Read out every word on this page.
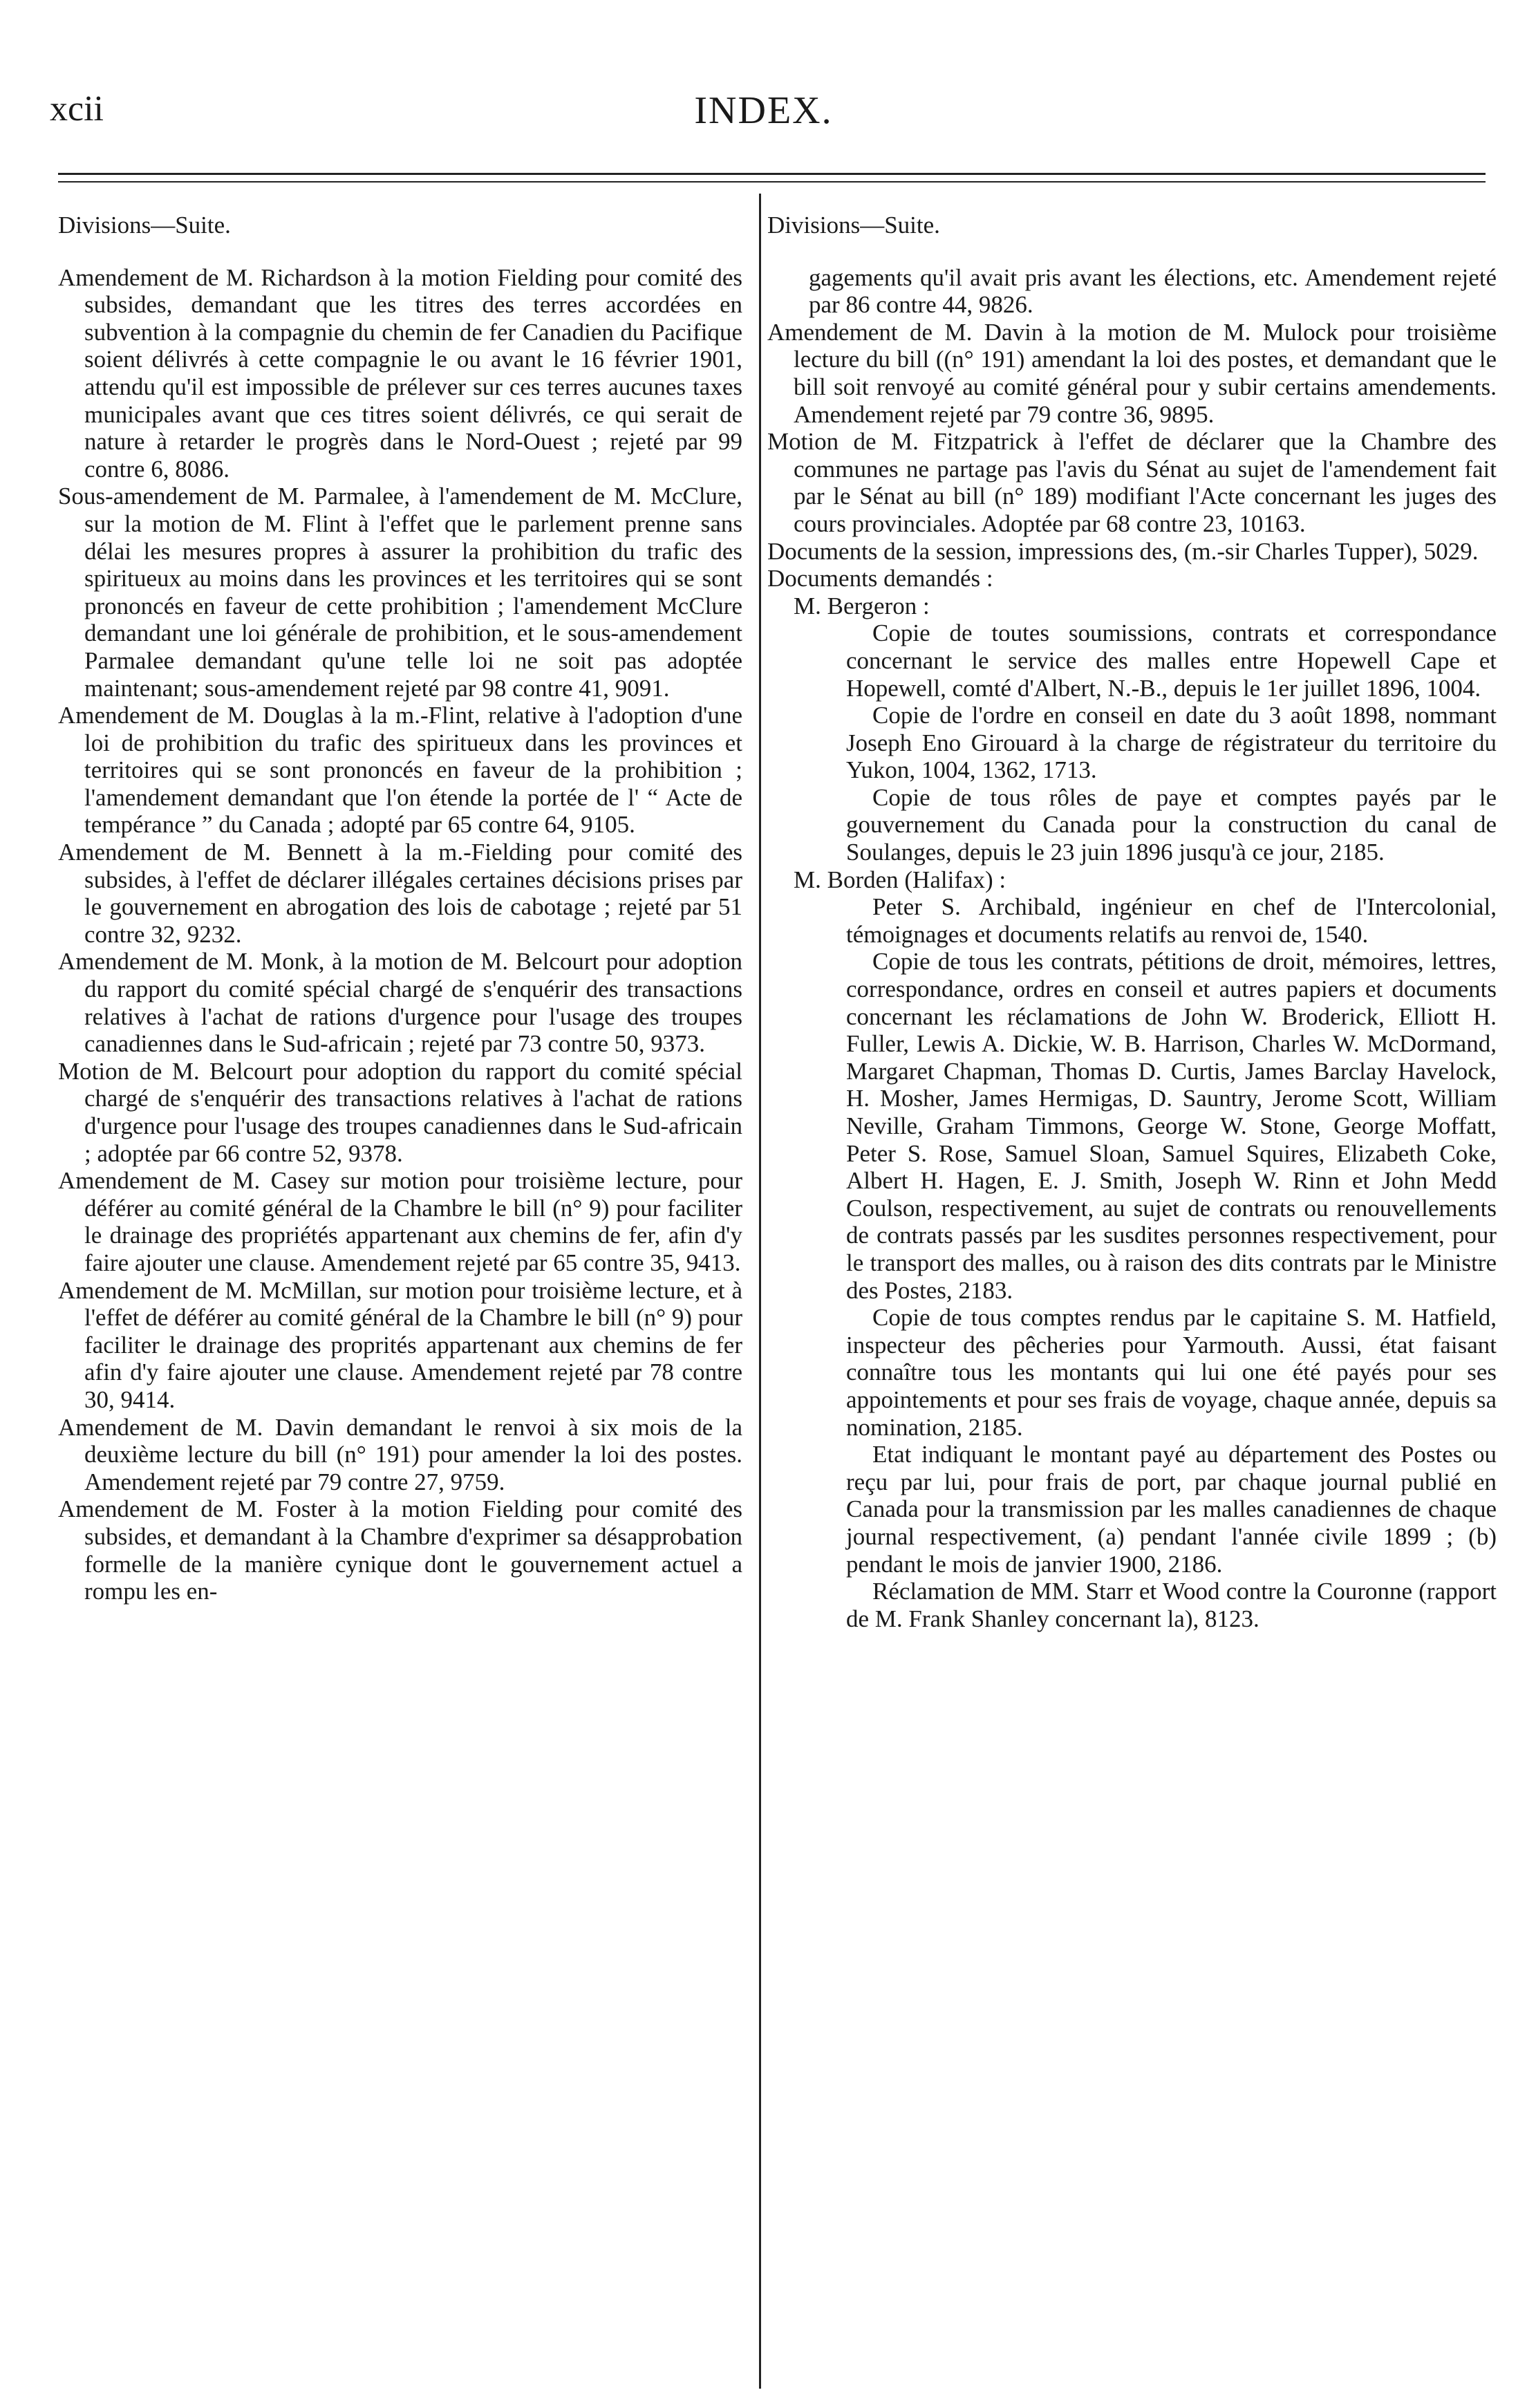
xcii	INDEX.

Divisions—Suite.

Amendement de M. Richardson à la motion Fielding pour comité des subsides, demandant que les titres des terres accordées en subvention à la compagnie du chemin de fer Canadien du Pacifique soient délivrés à cette compagnie le ou avant le 16 février 1901, attendu qu'il est impossible de prélever sur ces terres aucunes taxes municipales avant que ces titres soient délivrés, ce qui serait de nature à retarder le progrès dans le Nord-Ouest ; rejeté par 99 contre 6, 8086.

Sous-amendement de M. Parmalee, à l'amendement de M. McClure, sur la motion de M. Flint à l'effet que le parlement prenne sans délai les mesures propres à assurer la prohibition du trafic des spiritueux au moins dans les provinces et les territoires qui se sont prononcés en faveur de cette prohibition ; l'amendement McClure demandant une loi générale de prohibition, et le sous-amendement Parmalee demandant qu'une telle loi ne soit pas adoptée maintenant; sous-amendement rejeté par 98 contre 41, 9091.

Amendement de M. Douglas à la m.-Flint, relative à l'adoption d'une loi de prohibition du trafic des spiritueux dans les provinces et territoires qui se sont prononcés en faveur de la prohibition ; l'amendement demandant que l'on étende la portée de l' “ Acte de tempérance ” du Canada ; adopté par 65 contre 64, 9105.

Amendement de M. Bennett à la m.-Fielding pour comité des subsides, à l'effet de déclarer illégales certaines décisions prises par le gouvernement en abrogation des lois de cabotage ; rejeté par 51 contre 32, 9232.

Amendement de M. Monk, à la motion de M. Belcourt pour adoption du rapport du comité spécial chargé de s'enquérir des transactions relatives à l'achat de rations d'urgence pour l'usage des troupes canadiennes dans le Sud-africain ; rejeté par 73 contre 50, 9373.

Motion de M. Belcourt pour adoption du rapport du comité spécial chargé de s'enquérir des transactions relatives à l'achat de rations d'urgence pour l'usage des troupes canadiennes dans le Sud-africain ; adoptée par 66 contre 52, 9378.

Amendement de M. Casey sur motion pour troisième lecture, pour déférer au comité général de la Chambre le bill (n° 9) pour faciliter le drainage des propriétés appartenant aux chemins de fer, afin d'y faire ajouter une clause. Amendement rejeté par 65 contre 35, 9413.

Amendement de M. McMillan, sur motion pour troisième lecture, et à l'effet de déférer au comité général de la Chambre le bill (n° 9) pour faciliter le drainage des proprités appartenant aux chemins de fer afin d'y faire ajouter une clause. Amendement rejeté par 78 contre 30, 9414.

Amendement de M. Davin demandant le renvoi à six mois de la deuxième lecture du bill (n° 191) pour amender la loi des postes. Amendement rejeté par 79 contre 27, 9759.

Amendement de M. Foster à la motion Fielding pour comité des subsides, et demandant à la Chambre d'exprimer sa désapprobation formelle de la manière cynique dont le gouvernement actuel a rompu les en-

Divisions—Suite.

gagements qu'il avait pris avant les élections, etc. Amendement rejeté par 86 contre 44, 9826.

Amendement de M. Davin à la motion de M. Mulock pour troisième lecture du bill ((n° 191) amendant la loi des postes, et demandant que le bill soit renvoyé au comité général pour y subir certains amendements. Amendement rejeté par 79 contre 36, 9895.

Motion de M. Fitzpatrick à l'effet de déclarer que la Chambre des communes ne partage pas l'avis du Sénat au sujet de l'amendement fait par le Sénat au bill (n° 189) modifiant l'Acte concernant les juges des cours provinciales. Adoptée par 68 contre 23, 10163.

Documents de la session, impressions des, (m.-sir Charles Tupper), 5029.

Documents demandés :

M. Bergeron :

Copie de toutes soumissions, contrats et correspondance concernant le service des malles entre Hopewell Cape et Hopewell, comté d'Albert, N.-B., depuis le 1er juillet 1896, 1004.

Copie de l'ordre en conseil en date du 3 août 1898, nommant Joseph Eno Girouard à la charge de régistrateur du territoire du Yukon, 1004, 1362, 1713.

Copie de tous rôles de paye et comptes payés par le gouvernement du Canada pour la construction du canal de Soulanges, depuis le 23 juin 1896 jusqu'à ce jour, 2185.

M. Borden (Halifax) :

Peter S. Archibald, ingénieur en chef de l'Intercolonial, témoignages et documents relatifs au renvoi de, 1540.

Copie de tous les contrats, pétitions de droit, mémoires, lettres, correspondance, ordres en conseil et autres papiers et documents concernant les réclamations de John W. Broderick, Elliott H. Fuller, Lewis A. Dickie, W. B. Harrison, Charles W. McDormand, Margaret Chapman, Thomas D. Curtis, James Barclay Havelock, H. Mosher, James Hermigas, D. Sauntry, Jerome Scott, William Neville, Graham Timmons, George W. Stone, George Moffatt, Peter S. Rose, Samuel Sloan, Samuel Squires, Elizabeth Coke, Albert H. Hagen, E. J. Smith, Joseph W. Rinn et John Medd Coulson, respectivement, au sujet de contrats ou renouvellements de contrats passés par les susdites personnes respectivement, pour le transport des malles, ou à raison des dits contrats par le Ministre des Postes, 2183.

Copie de tous comptes rendus par le capitaine S. M. Hatfield, inspecteur des pêcheries pour Yarmouth. Aussi, état faisant connaître tous les montants qui lui one été payés pour ses appointements et pour ses frais de voyage, chaque année, depuis sa nomination, 2185.

Etat indiquant le montant payé au département des Postes ou reçu par lui, pour frais de port, par chaque journal publié en Canada pour la transmission par les malles canadiennes de chaque journal respectivement, (a) pendant l'année civile 1899 ; (b) pendant le mois de janvier 1900, 2186.

Réclamation de MM. Starr et Wood contre la Couronne (rapport de M. Frank Shanley concernant la), 8123.
